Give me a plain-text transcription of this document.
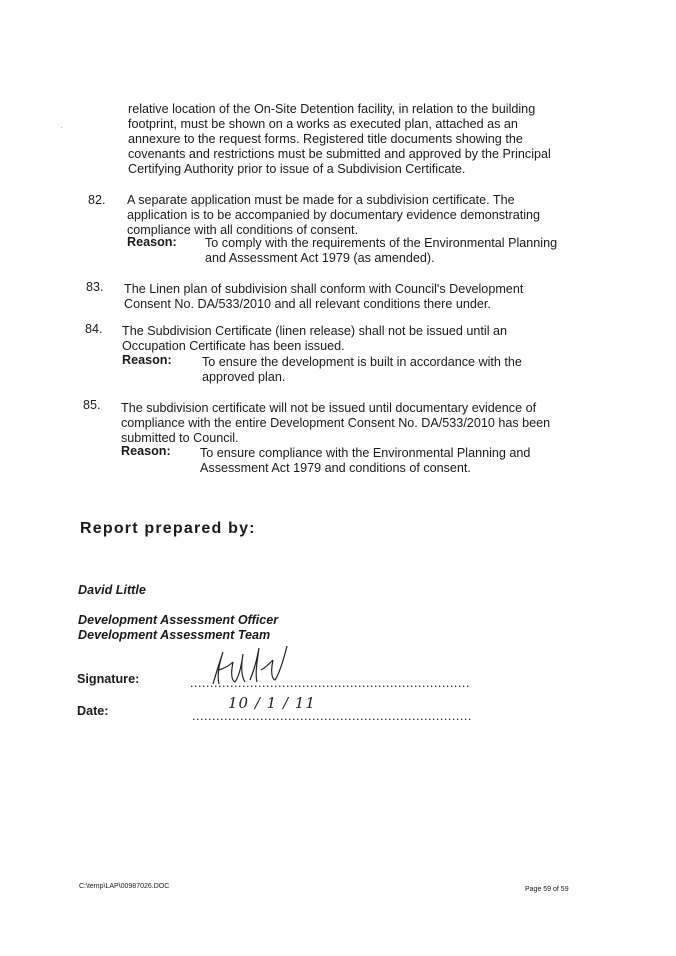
·
relative location of the On-Site Detention facility, in relation to the building
footprint, must be shown on a works as executed plan, attached as an
annexure to the request forms. Registered title documents showing the
covenants and restrictions must be submitted and approved by the Principal
Certifying Authority prior to issue of a Subdivision Certificate.
82. A separate application must be made for a subdivision certificate. The
application is to be accompanied by documentary evidence demonstrating
compliance with all conditions of consent.
Reason: To comply with the requirements of the Environmental Planning
and Assessment Act 1979 (as amended).
83. The Linen plan of subdivision shall conform with Council's Development
Consent No. DA/533/2010 and all relevant conditions there under.
84. The Subdivision Certificate (linen release) shall not be issued until an
Occupation Certificate has been issued.
Reason: To ensure the development is built in accordance with the
approved plan.
85. The subdivision certificate will not be issued until documentary evidence of
compliance with the entire Development Consent No. DA/533/2010 has been
submitted to Council.
Reason: To ensure compliance with the Environmental Planning and
Assessment Act 1979 and conditions of consent.
Report prepared by:
David Little
Development Assessment Officer
Development Assessment Team
Signature:	......................................................................
Date:	......................................................................
10 / 1 / 11
C:\temp\LAP\00987026.DOC	Page 59 of 59
